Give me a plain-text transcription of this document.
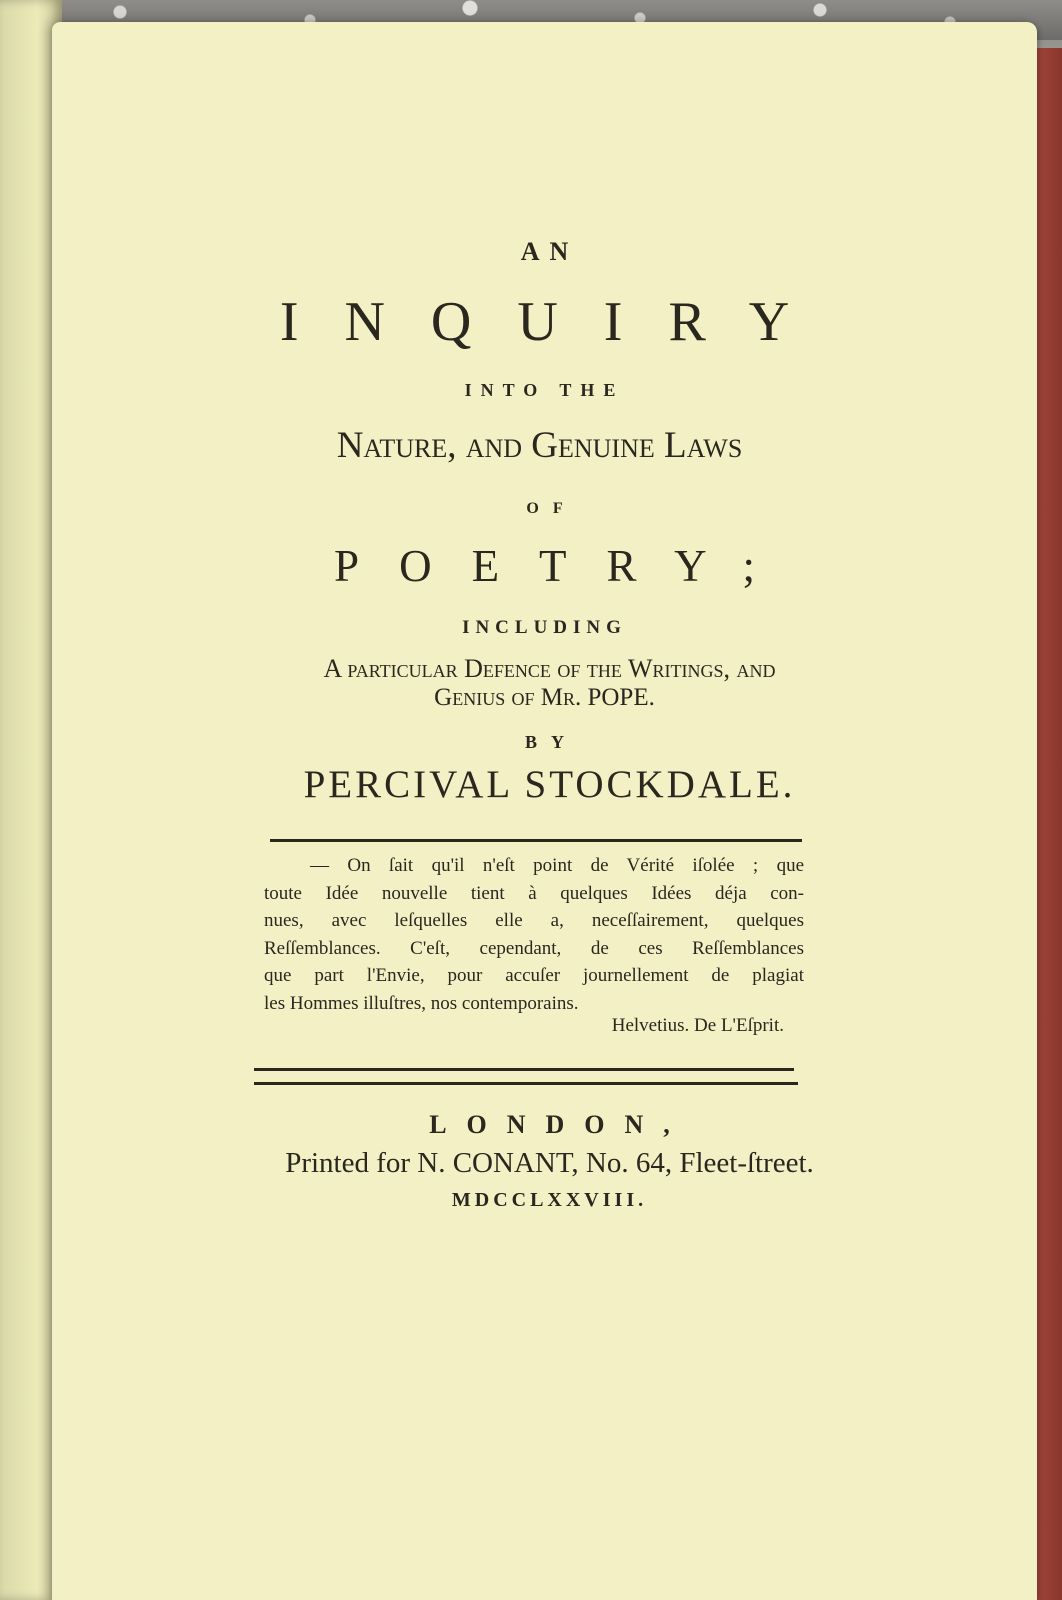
AN
INQUIRY
INTO THE
Nature, and Genuine Laws
OF
POETRY;
INCLUDING
A particular Defence of the Writings, and
Genius of Mr. POPE.
BY
PERCIVAL STOCKDALE.
— On ſait qu'il n'eſt point de Vérité iſolée ; que
toute Idée nouvelle tient à quelques Idées déja con-
nues, avec leſquelles elle a, neceſſairement, quelques
Reſſemblances. C'eſt, cependant, de ces Reſſemblances
que part l'Envie, pour accuſer journellement de plagiat
les Hommes illuſtres, nos contemporains.
Helvetius. De L'Eſprit.
LONDON,
Printed for N. CONANT, No. 64, Fleet-ſtreet.
MDCCLXXVIII.
